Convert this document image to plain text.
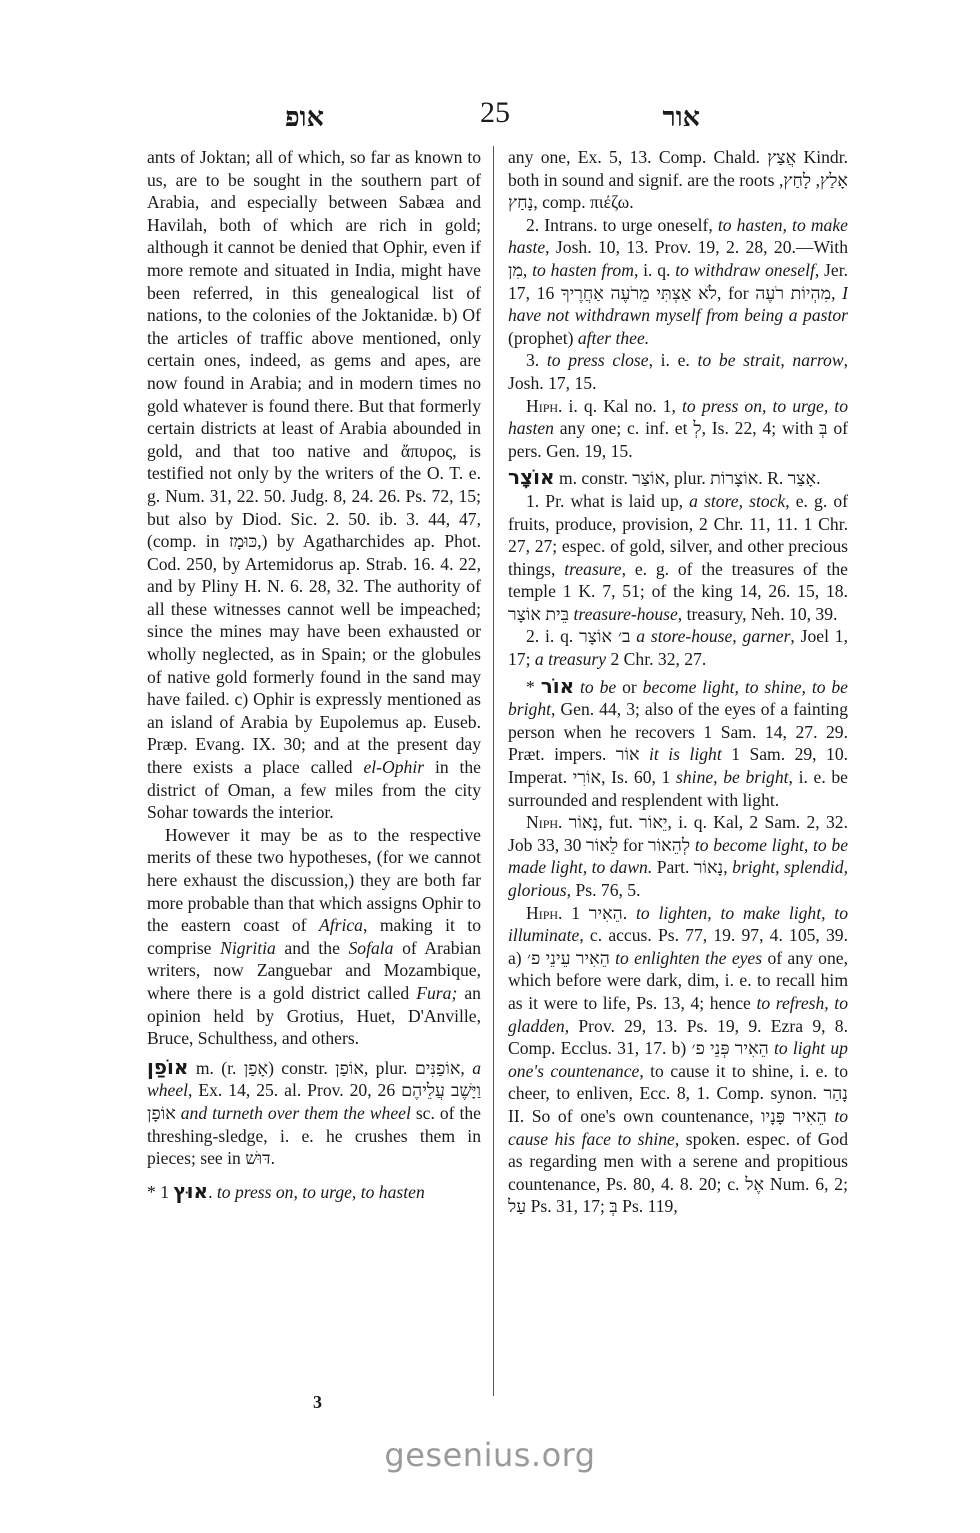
אופ	25	אור

ants of Joktan; all of which, so far as known to us, are to be sought in the southern part of Arabia, and especially between Sabæa and Havilah, both of which are rich in gold; although it cannot be denied that Ophir, even if more remote and situated in India, might have been referred, in this genealogical list of nations, to the colonies of the Joktanidæ. b) Of the articles of traffic above mentioned, only certain ones, indeed, as gems and apes, are now found in Arabia; and in modern times no gold whatever is found there. But that formerly certain districts at least of Arabia abounded in gold, and that too native and ἄπυρος, is testified not only by the writers of the O. T. e. g. Num. 31, 22. 50. Judg. 8, 24. 26. Ps. 72, 15; but also by Diod. Sic. 2. 50. ib. 3. 44, 47, (comp. in כּוּמָז,) by Agatharchides ap. Phot. Cod. 250, by Artemidorus ap. Strab. 16. 4. 22, and by Pliny H. N. 6. 28, 32. The authority of all these witnesses cannot well be impeached; since the mines may have been exhausted or wholly neglected, as in Spain; or the globules of native gold formerly found in the sand may have failed. c) Ophir is expressly mentioned as an island of Arabia by Eupolemus ap. Euseb. Præp. Evang. IX. 30; and at the present day there exists a place called el-Ophir in the district of Oman, a few miles from the city Sohar towards the interior.

However it may be as to the respective merits of these two hypotheses, (for we cannot here exhaust the discussion,) they are both far more probable than that which assigns Ophir to the eastern coast of Africa, making it to comprise Nigritia and the Sofala of Arabian writers, now Zanguebar and Mozambique, where there is a gold district called Fura; an opinion held by Grotius, Huet, D'Anville, Bruce, Schulthess, and others.

אוֹפַן m. (r. אָפַן) constr. אוֹפַן, plur. אוֹפַנִּים, a wheel, Ex. 14, 25. al. Prov. 20, 26 וַיָּשֶׁב עֲלֵיהֶם אוֹפָן and turneth over them the wheel sc. of the threshing-sledge, i. e. he crushes them in pieces; see in דּוּשׁ.

* אוּץ 1. to press on, to urge, to hasten

any one, Ex. 5, 13. Comp. Chald. אֲצַץ Kindr. both in sound and signif. are the roots אָלַץ, לָחַץ, נָחַץ, comp. πιέζω.

2. Intrans. to urge oneself, to hasten, to make haste, Josh. 10, 13. Prov. 19, 2. 28, 20.—With מִן, to hasten from, i. q. to withdraw oneself, Jer. 17, 16 לֹא אַצְתִּי מֵרֹעֶה אַחֲרֶיךָ, for מִהְיוֹת רֹעֶה, I have not withdrawn myself from being a pastor (prophet) after thee.

3. to press close, i. e. to be strait, narrow, Josh. 17, 15.

Hiph. i. q. Kal no. 1, to press on, to urge, to hasten any one; c. inf. et לְ, Is. 22, 4; with בְּ of pers. Gen. 19, 15.

אוֹצָר m. constr. אוֹצַר, plur. אוֹצָרוֹת. R. אָצַר.

1. Pr. what is laid up, a store, stock, e. g. of fruits, produce, provision, 2 Chr. 11, 11. 1 Chr. 27, 27; espec. of gold, silver, and other precious things, treasure, e. g. of the treasures of the temple 1 K. 7, 51; of the king 14, 26. 15, 18. בֵּית אוֹצָר treasure-house, treasury, Neh. 10, 39.

2. i. q. ב׳ אוֹצָר a store-house, garner, Joel 1, 17; a treasury 2 Chr. 32, 27.

* אוֹר to be or become light, to shine, to be bright, Gen. 44, 3; also of the eyes of a fainting person when he recovers 1 Sam. 14, 27. 29. Præt. impers. אוֹר it is light 1 Sam. 29, 10. Imperat. אוֹרִי, Is. 60, 1 shine, be bright, i. e. be surrounded and resplendent with light.

Niph. נָאוֹר, fut. יֵאוֹר, i. q. Kal, 2 Sam. 2, 32. Job 33, 30 לֵאוֹר for לְהֵאוֹר to become light, to be made light, to dawn. Part. נָאוֹר, bright, splendid, glorious, Ps. 76, 5.

Hiph. הֵאִיר 1. to lighten, to make light, to illuminate, c. accus. Ps. 77, 19. 97, 4. 105, 39. a) הֵאִיר עֵינֵי פ׳ to enlighten the eyes of any one, which before were dark, dim, i. e. to recall him as it were to life, Ps. 13, 4; hence to refresh, to gladden, Prov. 29, 13. Ps. 19, 9. Ezra 9, 8. Comp. Ecclus. 31, 17. b) הֵאִיר פְּנֵי פ׳ to light up one's countenance, to cause it to shine, i. e. to cheer, to enliven, Ecc. 8, 1. Comp. synon. נָהַר II. So of one's own countenance, הֵאִיר פָּנָיו to cause his face to shine, spoken. espec. of God as regarding men with a serene and propitious countenance, Ps. 80, 4. 8. 20; c. אֶל Num. 6, 2; עַל Ps. 31, 17; בְּ Ps. 119,

3
gesenius.org
